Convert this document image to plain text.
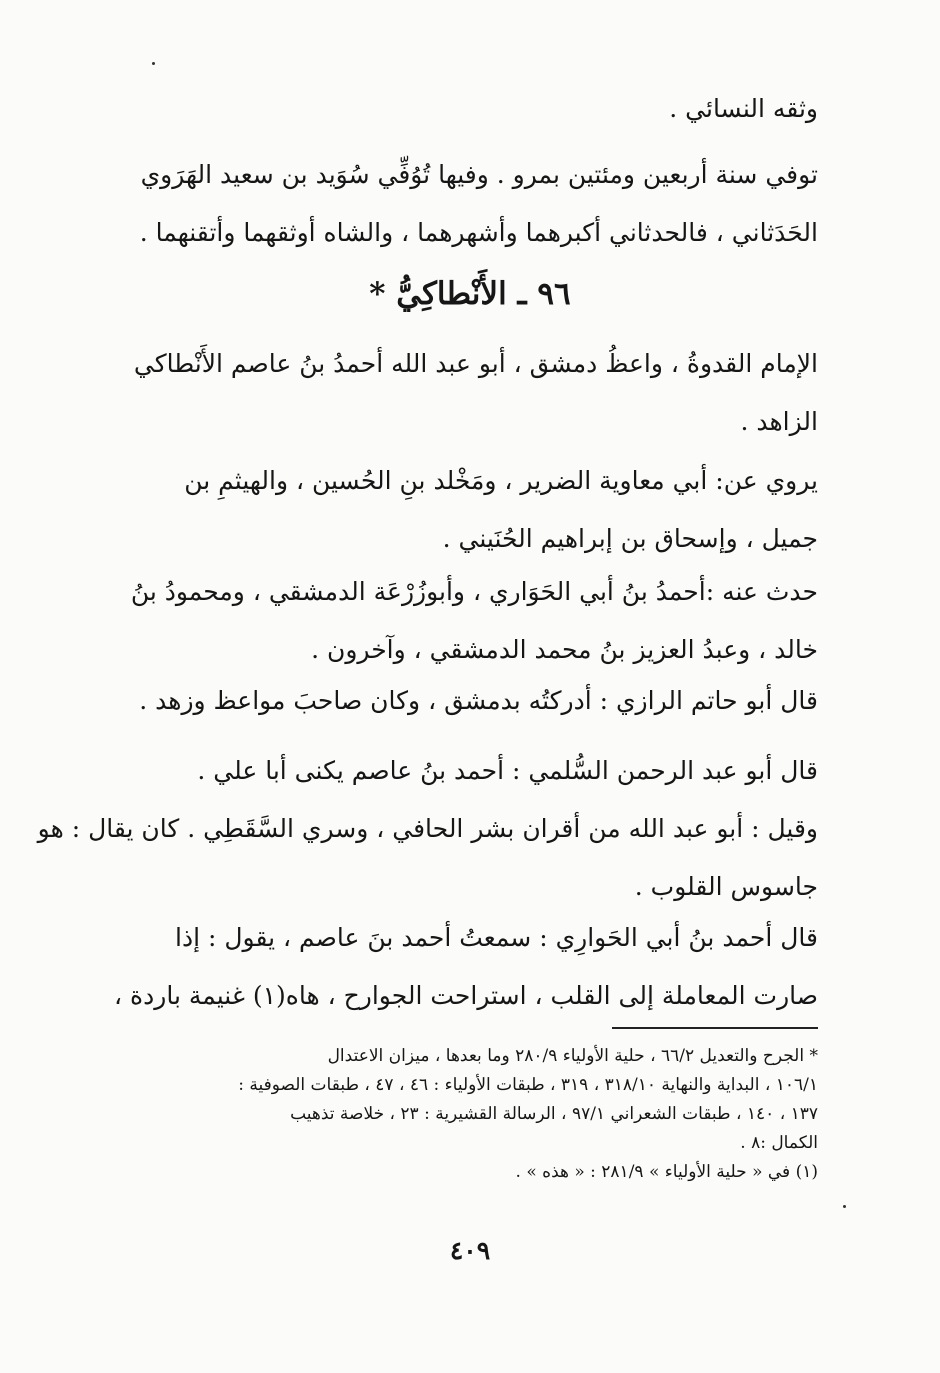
وثقه النسائي .

توفي سنة أربعين ومئتين بمرو . وفيها تُوُفِّي سُوَيد بن سعيد الهَرَوي
الحَدَثاني ، فالحدثاني أكبرهما وأشهرهما ، والشاه أوثقهما وأتقنهما .

٩٦ ـ الأَنْطاكِيُّ *

الإمام القدوةُ ، واعظُ دمشق ، أبو عبد الله أحمدُ بنُ عاصم الأَنْطاكي
الزاهد .

يروي عن: أبي معاوية الضرير ، ومَخْلد بنِ الحُسين ، والهيثمِ بن
جميل ، وإسحاق بن إبراهيم الحُنَيني .

حدث عنه :أحمدُ بنُ أبي الحَوَاري ، وأبوزُرْعَة الدمشقي ، ومحمودُ بنُ
خالد ، وعبدُ العزيز بنُ محمد الدمشقي ، وآخرون .

قال أبو حاتم الرازي : أدركتُه بدمشق ، وكان صاحبَ مواعظ وزهد .

قال أبو عبد الرحمن السُّلمي : أحمد بنُ عاصم يكنى أبا علي .
وقيل : أبو عبد الله من أقران بشر الحافي ، وسري السَّقَطِي . كان يقال : هو
جاسوس القلوب .

قال أحمد بنُ أبي الحَوارِي : سمعتُ أحمد بنَ عاصم ، يقول : إذا
صارت المعاملة إلى القلب ، استراحت الجوارح ، هاه(١) غنيمة باردة ،

* الجرح والتعديل ٦٦/٢ ، حلية الأولياء ٢٨٠/٩ وما بعدها ، ميزان الاعتدال
١٠٦/١ ، البداية والنهاية ٣١٨/١٠ ، ٣١٩ ، طبقات الأولياء : ٤٦ ، ٤٧ ، طبقات الصوفية :
١٣٧ ، ١٤٠ ، طبقات الشعراني ٩٧/١ ، الرسالة القشيرية : ٢٣ ، خلاصة تذهيب
الكمال :٨ .
(١) في « حلية الأولياء » ٢٨١/٩ : « هذه » .
٤٠٩
